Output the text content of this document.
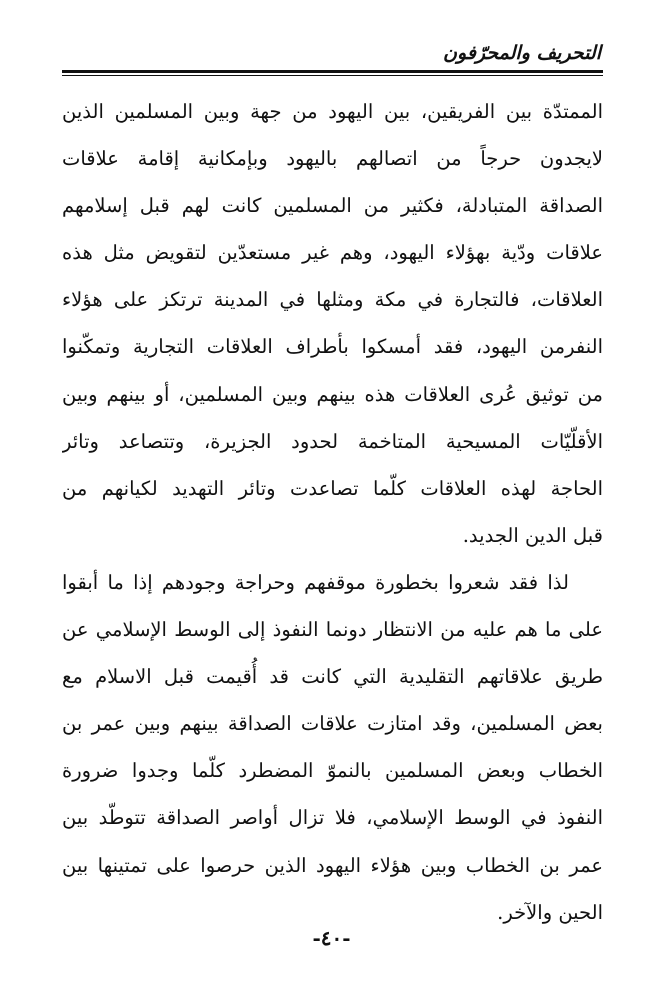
التحريف والمحرّفون
الممتدّة بين الفريقين، بين اليهود من جهة وبين المسلمين الذين
لايجدون حرجاً من اتصالهم باليهود وبإمكانية إقامة علاقات
الصداقة المتبادلة، فكثير من المسلمين كانت لهم قبل إسلامهم
علاقات ودّية بهؤلاء اليهود، وهم غير مستعدّين لتقويض مثل هذه
العلاقات، فالتجارة في مكة ومثلها في المدينة ترتكز على هؤلاء
النفرمن اليهود، فقد أمسكوا بأطراف العلاقات التجارية وتمكّنوا
من توثيق عُرى العلاقات هذه بينهم وبين المسلمين، أو بينهم وبين
الأقلّيّات المسيحية المتاخمة لحدود الجزيرة، وتتصاعد وتائر
الحاجة لهذه العلاقات كلّما تصاعدت وتائر التهديد لكيانهم من
قبل الدين الجديد.
لذا فقد شعروا بخطورة موقفهم وحراجة وجودهم إذا ما أبقوا
على ما هم عليه من الانتظار دونما النفوذ إلى الوسط الإسلامي عن
طريق علاقاتهم التقليدية التي كانت قد أُقيمت قبل الاسلام مع
بعض المسلمين، وقد امتازت علاقات الصداقة بينهم وبين عمر بن
الخطاب وبعض المسلمين بالنموّ المضطرد كلّما وجدوا ضرورة
النفوذ في الوسط الإسلامي، فلا تزال أواصر الصداقة تتوطّد بين
عمر بن الخطاب وبين هؤلاء اليهود الذين حرصوا على تمتينها بين
الحين والآخر.
-٤٠-
